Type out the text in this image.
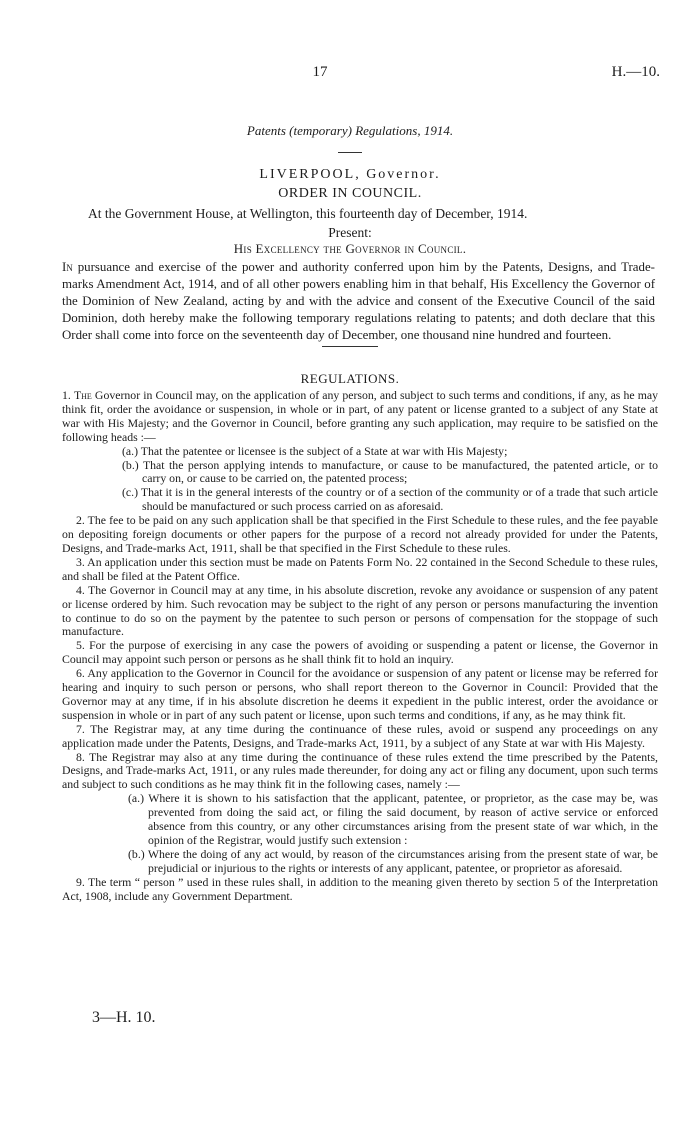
17	H.—10.
Patents (temporary) Regulations, 1914.
LIVERPOOL, Governor.
ORDER IN COUNCIL.
At the Government House, at Wellington, this fourteenth day of December, 1914.
Present:
His Excellency the Governor in Council.

In pursuance and exercise of the power and authority conferred upon him by the Patents, Designs, and Trade-marks Amendment Act, 1914, and of all other powers enabling him in that behalf, His Excellency the Governor of the Dominion of New Zealand, acting by and with the advice and consent of the Executive Council of the said Dominion, doth hereby make the following temporary regulations relating to patents; and doth declare that this Order shall come into force on the seventeenth day of December, one thousand nine hundred and fourteen.

REGULATIONS.

1. The Governor in Council may, on the application of any person, and subject to such terms and conditions, if any, as he may think fit, order the avoidance or suspension, in whole or in part, of any patent or license granted to a subject of any State at war with His Majesty; and the Governor in Council, before granting any such application, may require to be satisfied on the following heads :—

(a.) That the patentee or licensee is the subject of a State at war with His Majesty;

(b.) That the person applying intends to manufacture, or cause to be manufactured, the patented article, or to carry on, or cause to be carried on, the patented process;

(c.) That it is in the general interests of the country or of a section of the community or of a trade that such article should be manufactured or such process carried on as aforesaid.

2. The fee to be paid on any such application shall be that specified in the First Schedule to these rules, and the fee payable on depositing foreign documents or other papers for the purpose of a record not already provided for under the Patents, Designs, and Trade-marks Act, 1911, shall be that specified in the First Schedule to these rules.

3. An application under this section must be made on Patents Form No. 22 contained in the Second Schedule to these rules, and shall be filed at the Patent Office.

4. The Governor in Council may at any time, in his absolute discretion, revoke any avoidance or suspension of any patent or license ordered by him. Such revocation may be subject to the right of any person or persons manufacturing the invention to continue to do so on the payment by the patentee to such person or persons of compensation for the stoppage of such manufacture.

5. For the purpose of exercising in any case the powers of avoiding or suspending a patent or license, the Governor in Council may appoint such person or persons as he shall think fit to hold an inquiry.

6. Any application to the Governor in Council for the avoidance or suspension of any patent or license may be referred for hearing and inquiry to such person or persons, who shall report thereon to the Governor in Council: Provided that the Governor may at any time, if in his absolute discretion he deems it expedient in the public interest, order the avoidance or suspension in whole or in part of any such patent or license, upon such terms and conditions, if any, as he may think fit.

7. The Registrar may, at any time during the continuance of these rules, avoid or suspend any proceedings on any application made under the Patents, Designs, and Trade-marks Act, 1911, by a subject of any State at war with His Majesty.

8. The Registrar may also at any time during the continuance of these rules extend the time prescribed by the Patents, Designs, and Trade-marks Act, 1911, or any rules made thereunder, for doing any act or filing any document, upon such terms and subject to such conditions as he may think fit in the following cases, namely :—

(a.) Where it is shown to his satisfaction that the applicant, patentee, or proprietor, as the case may be, was prevented from doing the said act, or filing the said document, by reason of active service or enforced absence from this country, or any other circumstances arising from the present state of war which, in the opinion of the Registrar, would justify such extension :

(b.) Where the doing of any act would, by reason of the circumstances arising from the present state of war, be prejudicial or injurious to the rights or interests of any applicant, patentee, or proprietor as aforesaid.

9. The term “ person ” used in these rules shall, in addition to the meaning given thereto by section 5 of the Interpretation Act, 1908, include any Government Department.

3—H. 10.
